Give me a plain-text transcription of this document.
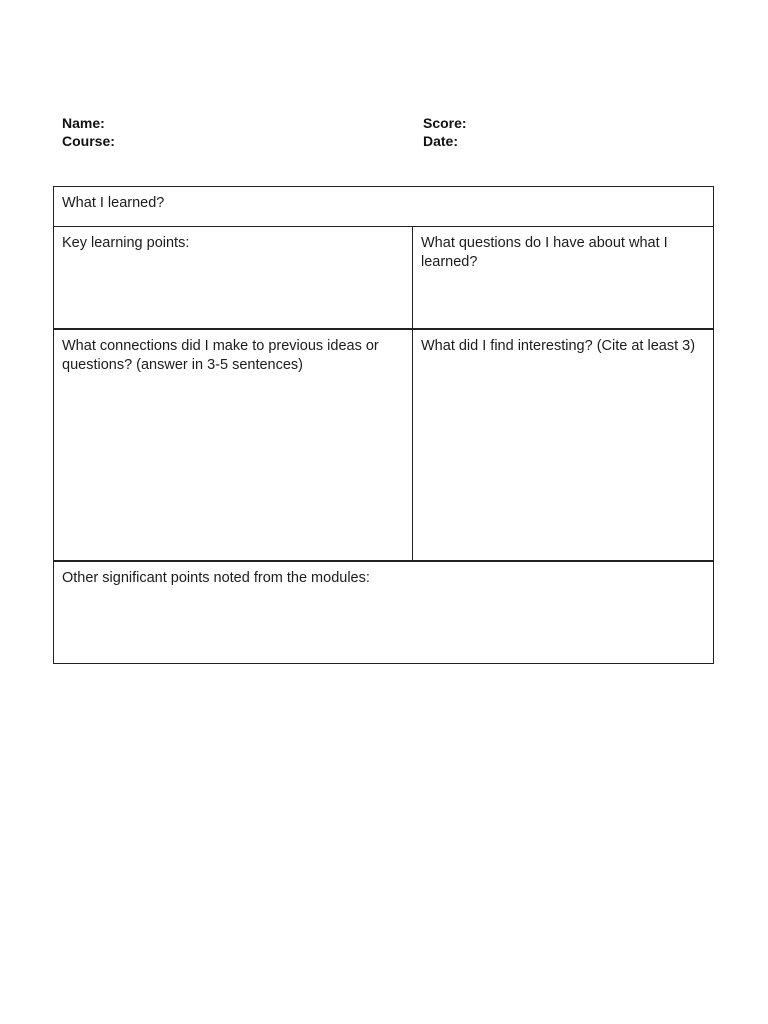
Name:
Course:
Score:
Date:
What I learned?
Key learning points:	What questions do I have about what I learned?
What connections did I make to previous ideas or questions? (answer in 3-5 sentences)
What did I find interesting? (Cite at least 3)
Other significant points noted from the modules:
